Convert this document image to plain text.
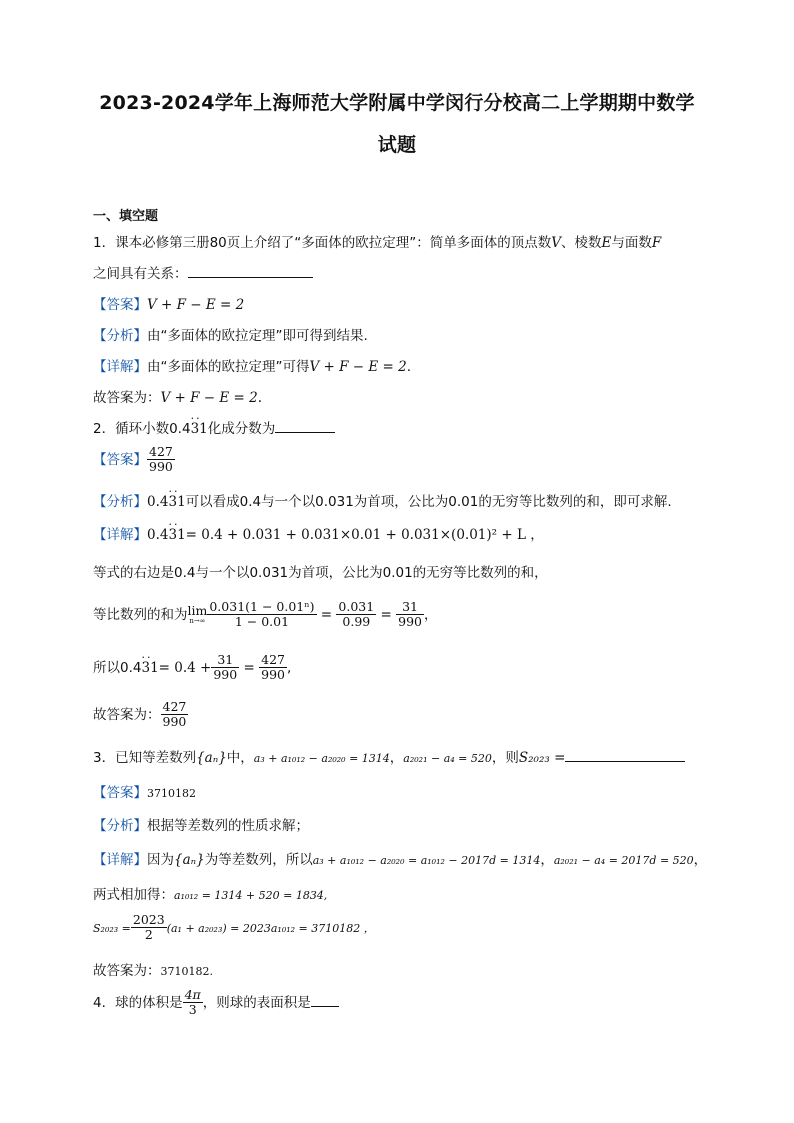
2023-2024学年上海师范大学附属中学闵行分校高二上学期期中数学
试题
一、填空题
1．课本必修第三册80页上介绍了“多面体的欧拉定理”：简单多面体的顶点数V、棱数E与面数F
之间具有关系：
【答案】V + F − E = 2
【分析】由“多面体的欧拉定理”即可得到结果.
【详解】由“多面体的欧拉定理”可得V + F − E = 2.
故答案为：V + F − E = 2.
2．循环小数0.431 ··化成分数为
【答案】 $\frac{427}{990}$
【分析】0.431 ··可以看成0.4与一个以0.031为首项，公比为0.01的无穷等比数列的和，即可求解.
【详解】0.431 ··= 0.4 + 0.031 + 0.031×0.01 + 0.031×(0.01)² + L ，
等式的右边是0.4与一个以0.031为首项，公比为0.01的无穷等比数列的和，
等比数列的和为 lim
$n\to\infty \frac{\text{0.031(1 − 0.01ⁿ)}}{1 - 0.01} = \frac{0.031}{0.99} = \frac{31}{990}$ ，
所以0.431 ··= $0.4 + \frac{31}{990} = \frac{427}{990}$ ,
故答案为： $\frac{427}{990}$
3．已知等差数列{aₙ}中，a₃ + a₁₀₁₂ − a₂₀₂₀ = 1314，a₂₀₂₁ − a₄ = 520，则S₂₀₂₃ =
【答案】3710182
【分析】根据等差数列的性质求解；
【详解】因为{aₙ}为等差数列，所以a₃ + a₁₀₁₂ − a₂₀₂₀ = a₁₀₁₂ − 2017d = 1314，a₂₀₂₁ − a₄ = 2017d = 520，
两式相加得：a₁₀₁₂ = 1314 + 520 = 1834,
$S_{2023} = \frac{2023}{2} (a_1 + a_{2023}) = 2023a_{1012} = 3710182$ ，
故答案为：3710182.
4．球的体积是 $\frac{4\pi}{3}$ ，则球的表面积是
